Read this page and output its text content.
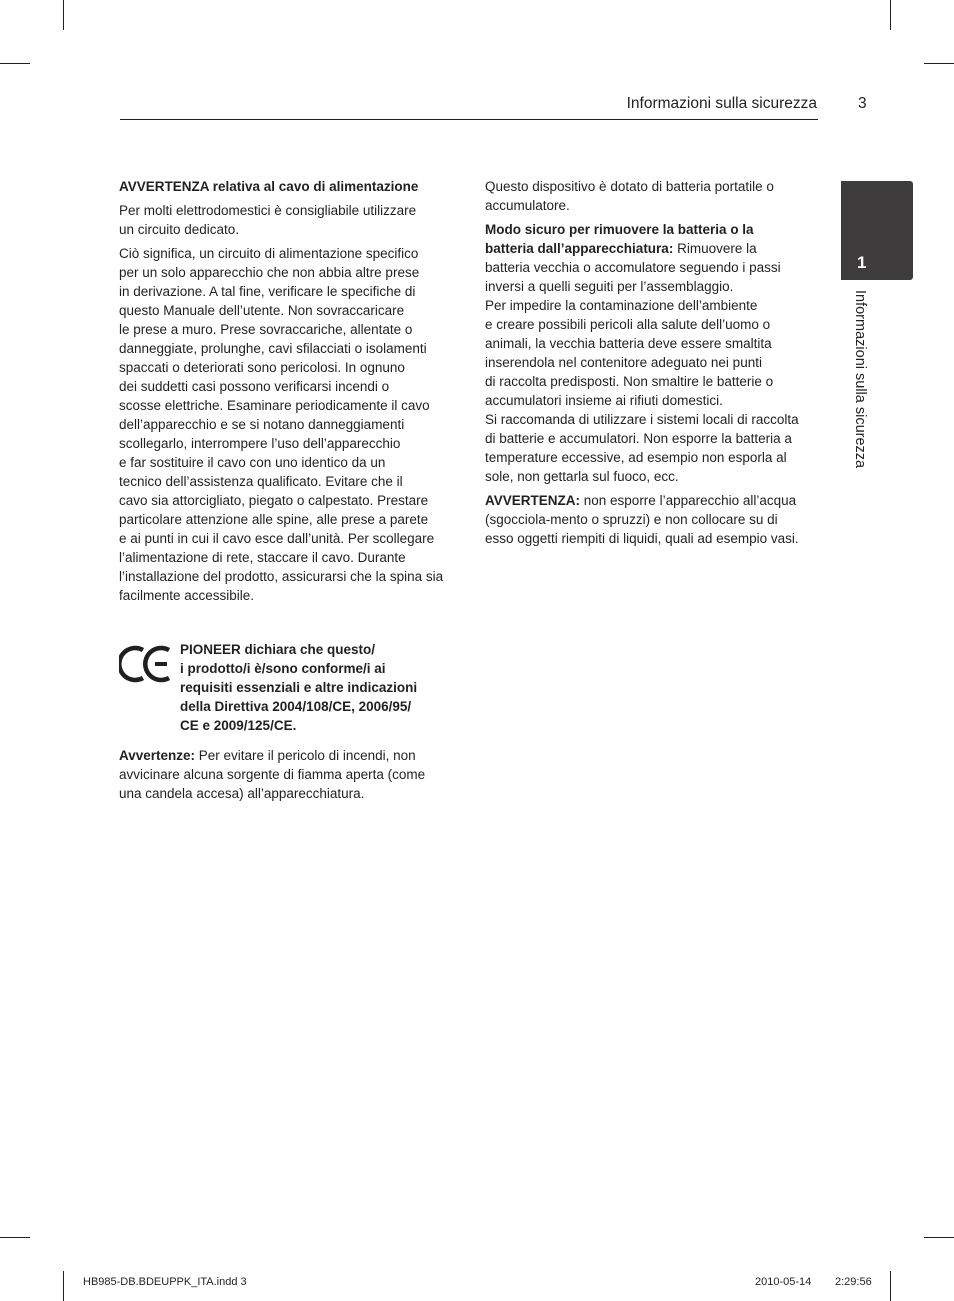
Informazioni sulla sicurezza	3
1
Informazioni sulla sicurezza

AVVERTENZA relativa al cavo di alimentazione

Per molti elettrodomestici è consigliabile utilizzare
un circuito dedicato.

Ciò significa, un circuito di alimentazione specifico
per un solo apparecchio che non abbia altre prese
in derivazione. A tal fine, verificare le specifiche di
questo Manuale dell’utente. Non sovraccaricare
le prese a muro. Prese sovraccariche, allentate o
danneggiate, prolunghe, cavi sfilacciati o isolamenti
spaccati o deteriorati sono pericolosi. In ognuno
dei suddetti casi possono verificarsi incendi o
scosse elettriche. Esaminare periodicamente il cavo
dell’apparecchio e se si notano danneggiamenti
scollegarlo, interrompere l’uso dell’apparecchio
e far sostituire il cavo con uno identico da un
tecnico dell’assistenza qualificato. Evitare che il
cavo sia attorcigliato, piegato o calpestato. Prestare
particolare attenzione alle spine, alle prese a parete
e ai punti in cui il cavo esce dall’unità. Per scollegare
l’alimentazione di rete, staccare il cavo. Durante
l’installazione del prodotto, assicurarsi che la spina sia
facilmente accessibile.

PIONEER dichiara che questo/
i prodotto/i è/sono conforme/i ai
requisiti essenziali e altre indicazioni
della Direttiva 2004/108/CE, 2006/95/
CE e 2009/125/CE.
Avvertenze: Per evitare il pericolo di incendi, non
avvicinare alcuna sorgente di fiamma aperta (come
una candela accesa) all’apparecchiatura.

Questo dispositivo è dotato di batteria portatile o
accumulatore.

Modo sicuro per rimuovere la batteria o la
batteria dall’apparecchiatura: Rimuovere la
batteria vecchia o accomulatore seguendo i passi
inversi a quelli seguiti per l’assemblaggio.
Per impedire la contaminazione dell’ambiente
e creare possibili pericoli alla salute dell’uomo o
animali, la vecchia batteria deve essere smaltita
inserendola nel contenitore adeguato nei punti
di raccolta predisposti. Non smaltire le batterie o
accumulatori insieme ai rifiuti domestici.
Si raccomanda di utilizzare i sistemi locali di raccolta
di batterie e accumulatori. Non esporre la batteria a
temperature eccessive, ad esempio non esporla al
sole, non gettarla sul fuoco, ecc.

AVVERTENZA: non esporre l’apparecchio all’acqua
(sgocciola-mento o spruzzi) e non collocare su di
esso oggetti riempiti di liquidi, quali ad esempio vasi.

HB985-DB.BDEUPPK_ITA.indd 3	2010-05-14 2:29:56
